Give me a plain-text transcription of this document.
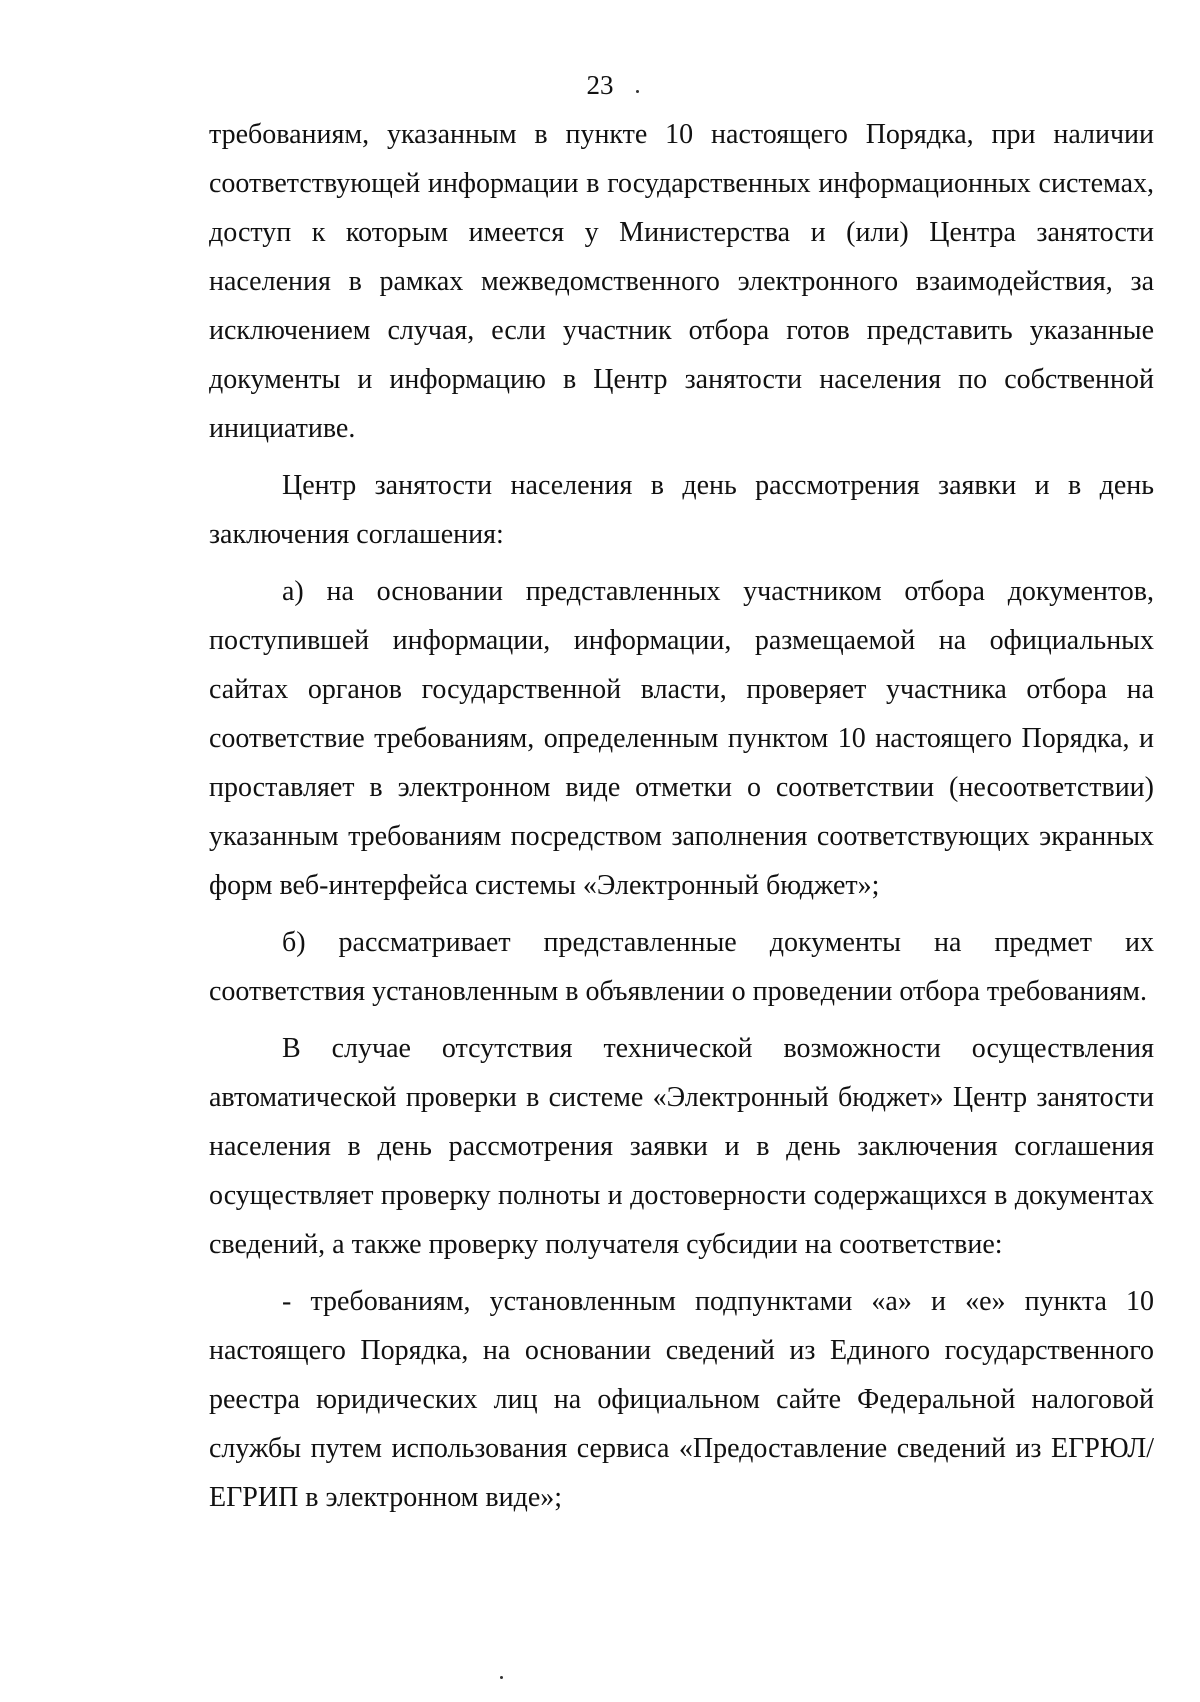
23

требованиям, указанным в пункте 10 настоящего Порядка, при наличии соответствующей информации в государственных информационных системах, доступ к которым имеется у Министерства и (или) Центра занятости населения в рамках межведомственного электронного взаимодействия, за исключением случая, если участник отбора готов представить указанные документы и информацию в Центр занятости населения по собственной инициативе.

Центр занятости населения в день рассмотрения заявки и в день заключения соглашения:

а) на основании представленных участником отбора документов, поступившей информации, информации, размещаемой на официальных сайтах органов государственной власти, проверяет участника отбора на соответствие требованиям, определенным пунктом 10 настоящего Порядка, и проставляет в электронном виде отметки о соответствии (несоответствии) указанным требованиям посредством заполнения соответствующих экранных форм веб-интерфейса системы «Электронный бюджет»;

б) рассматривает представленные документы на предмет их соответствия установленным в объявлении о проведении отбора требованиям.

В случае отсутствия технической возможности осуществления автоматической проверки в системе «Электронный бюджет» Центр занятости населения в день рассмотрения заявки и в день заключения соглашения осуществляет проверку полноты и достоверности содержащихся в документах сведений, а также проверку получателя субсидии на соответствие:

- требованиям, установленным подпунктами «а» и «е» пункта 10 настоящего Порядка, на основании сведений из Единого государственного реестра юридических лиц на официальном сайте Федеральной налоговой службы путем использования сервиса «Предоставление сведений из ЕГРЮЛ/ЕГРИП в электронном виде»;
